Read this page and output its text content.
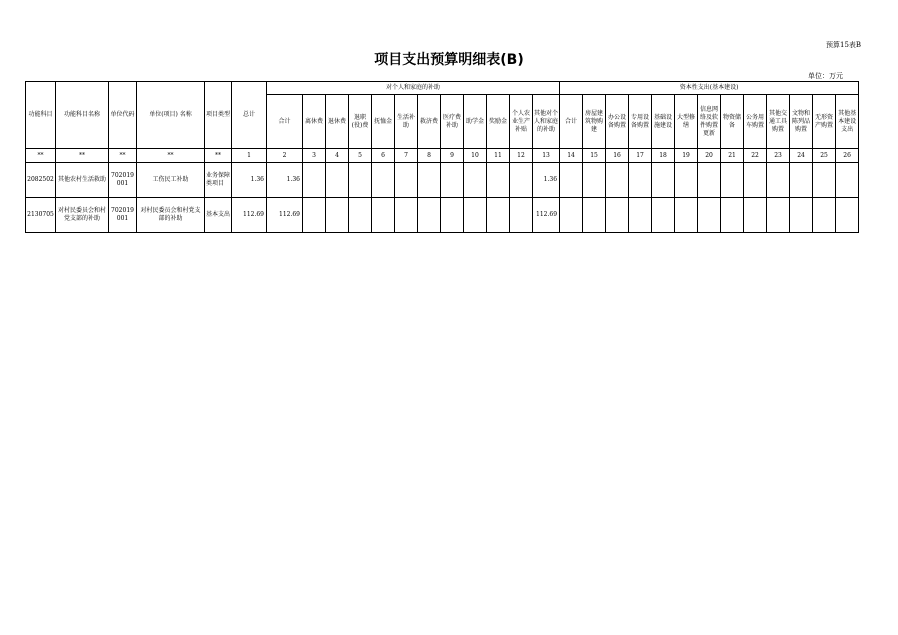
预算15表B
项目支出预算明细表(B)
单位：万元
功能科目	功能科目名称	单位代码	单位(项目) 名称	项目类型	总计	对个人和家庭的补助												资本性支出(基本建设)												
						合计	离休费	退休费	退职(役)费	抚恤金	生活补助	救济费	医疗费补助	助学金	奖励金	个人农业生产补贴	其他对个人和家庭的补助	合计	房屋建筑物购建	办公设备购置	专用设备购置	基础设施建设	大型修缮	信息网络及软件购置更新	物资储备	公务用车购置	其他交通工具购置	文物和陈列品购置	无形资产购置	其他基本建设支出
**	**	**	**	**	1	2	3	4	5	6	7	8	9	10	11	12	13	14	15	16	17	18	19	20	21	22	23	24	25	26
2082502	其他农村生活救助	702019001	工伤民工补助	业务保障类项目	1.36	1.36											1.36													
2130705	对村民委员会和村党支部的补助	702019001	对村民委员会和村党支部的补助	基本支出	112.69	112.69											112.69													
